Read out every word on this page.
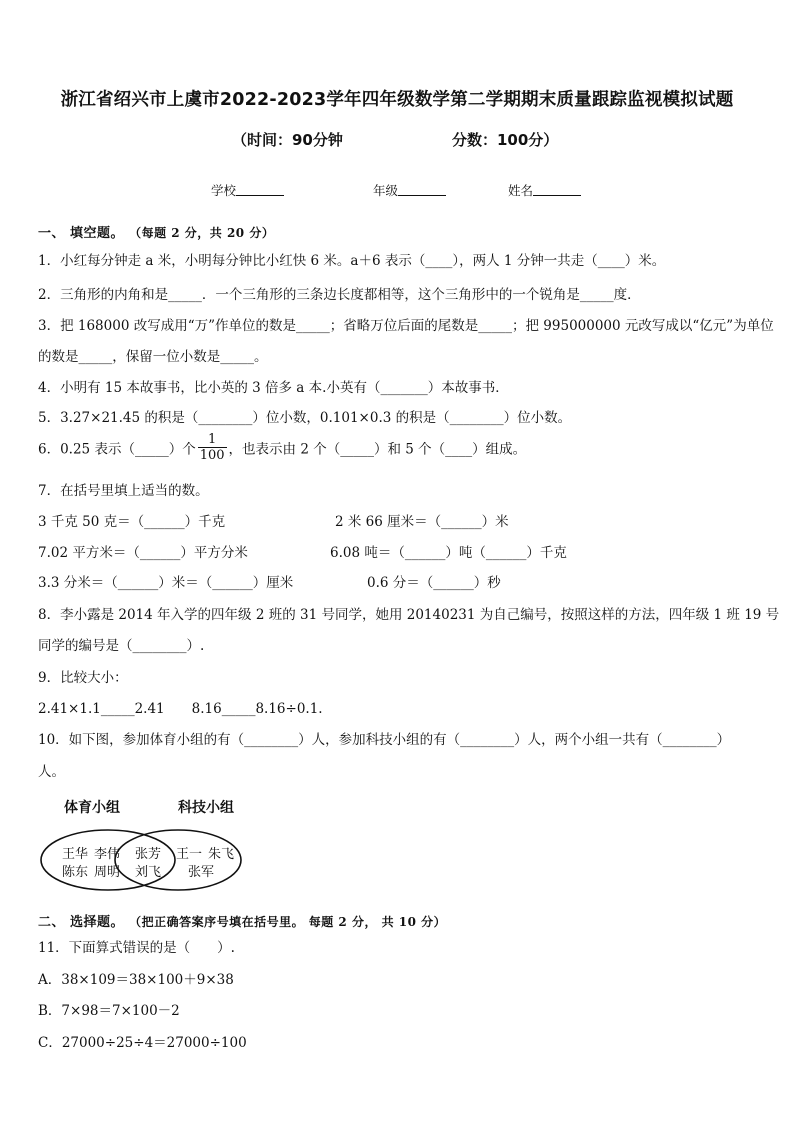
浙江省绍兴市上虞市2022-2023学年四年级数学第二学期期末质量跟踪监视模拟试题
（时间：90分钟	分数：100分）
学校	年级	姓名
一、 填空题。 （每题 2 分，共 20 分）
1．小红每分钟走 a 米，小明每分钟比小红快 6 米。a＋6 表示（____），两人 1 分钟一共走（____）米。
2．三角形的内角和是_____．一个三角形的三条边长度都相等，这个三角形中的一个锐角是_____度．
3．把 168000 改写成用“万”作单位的数是_____；省略万位后面的尾数是_____；把 995000000 元改写成以“亿元”为单位
的数是_____，保留一位小数是_____。
4．小明有 15 本故事书，比小英的 3 倍多 a 本.小英有（_______）本故事书．
5．3.27×21.45 的积是（________）位小数，0.101×0.3 的积是（________）位小数。
6．0.25 表示（_____）个 $\frac{1}{100}$ ，也表示由 2 个（_____）和 5 个（____）组成。
7．在括号里填上适当的数。
3 千克 50 克＝（______）千克	2 米 66 厘米＝（______）米
7.02 平方米＝（______）平方分米	6.08 吨＝（______）吨（______）千克
3.3 分米＝（______）米＝（______）厘米	0.6 分＝（______）秒
8．李小露是 2014 年入学的四年级 2 班的 31 号同学，她用 20140231 为自己编号，按照这样的方法，四年级 1 班 19 号
同学的编号是（________）.
9．比较大小：
2.41×1.1_____2.41　　8.16_____8.16÷0.1.
10．如下图，参加体育小组的有（________）人，参加科技小组的有（________）人，两个小组一共有（________）
人。
体育小组	科技小组
王华 李伟
陈东 周明
张芳
刘飞
王一 朱飞
张军
二、 选择题。 （把正确答案序号填在括号里。 每题 2 分， 共 10 分）
11．下面算式错误的是（　　）.
A．38×109＝38×100＋9×38
B．7×98＝7×100－2
C．27000÷25÷4＝27000÷100
